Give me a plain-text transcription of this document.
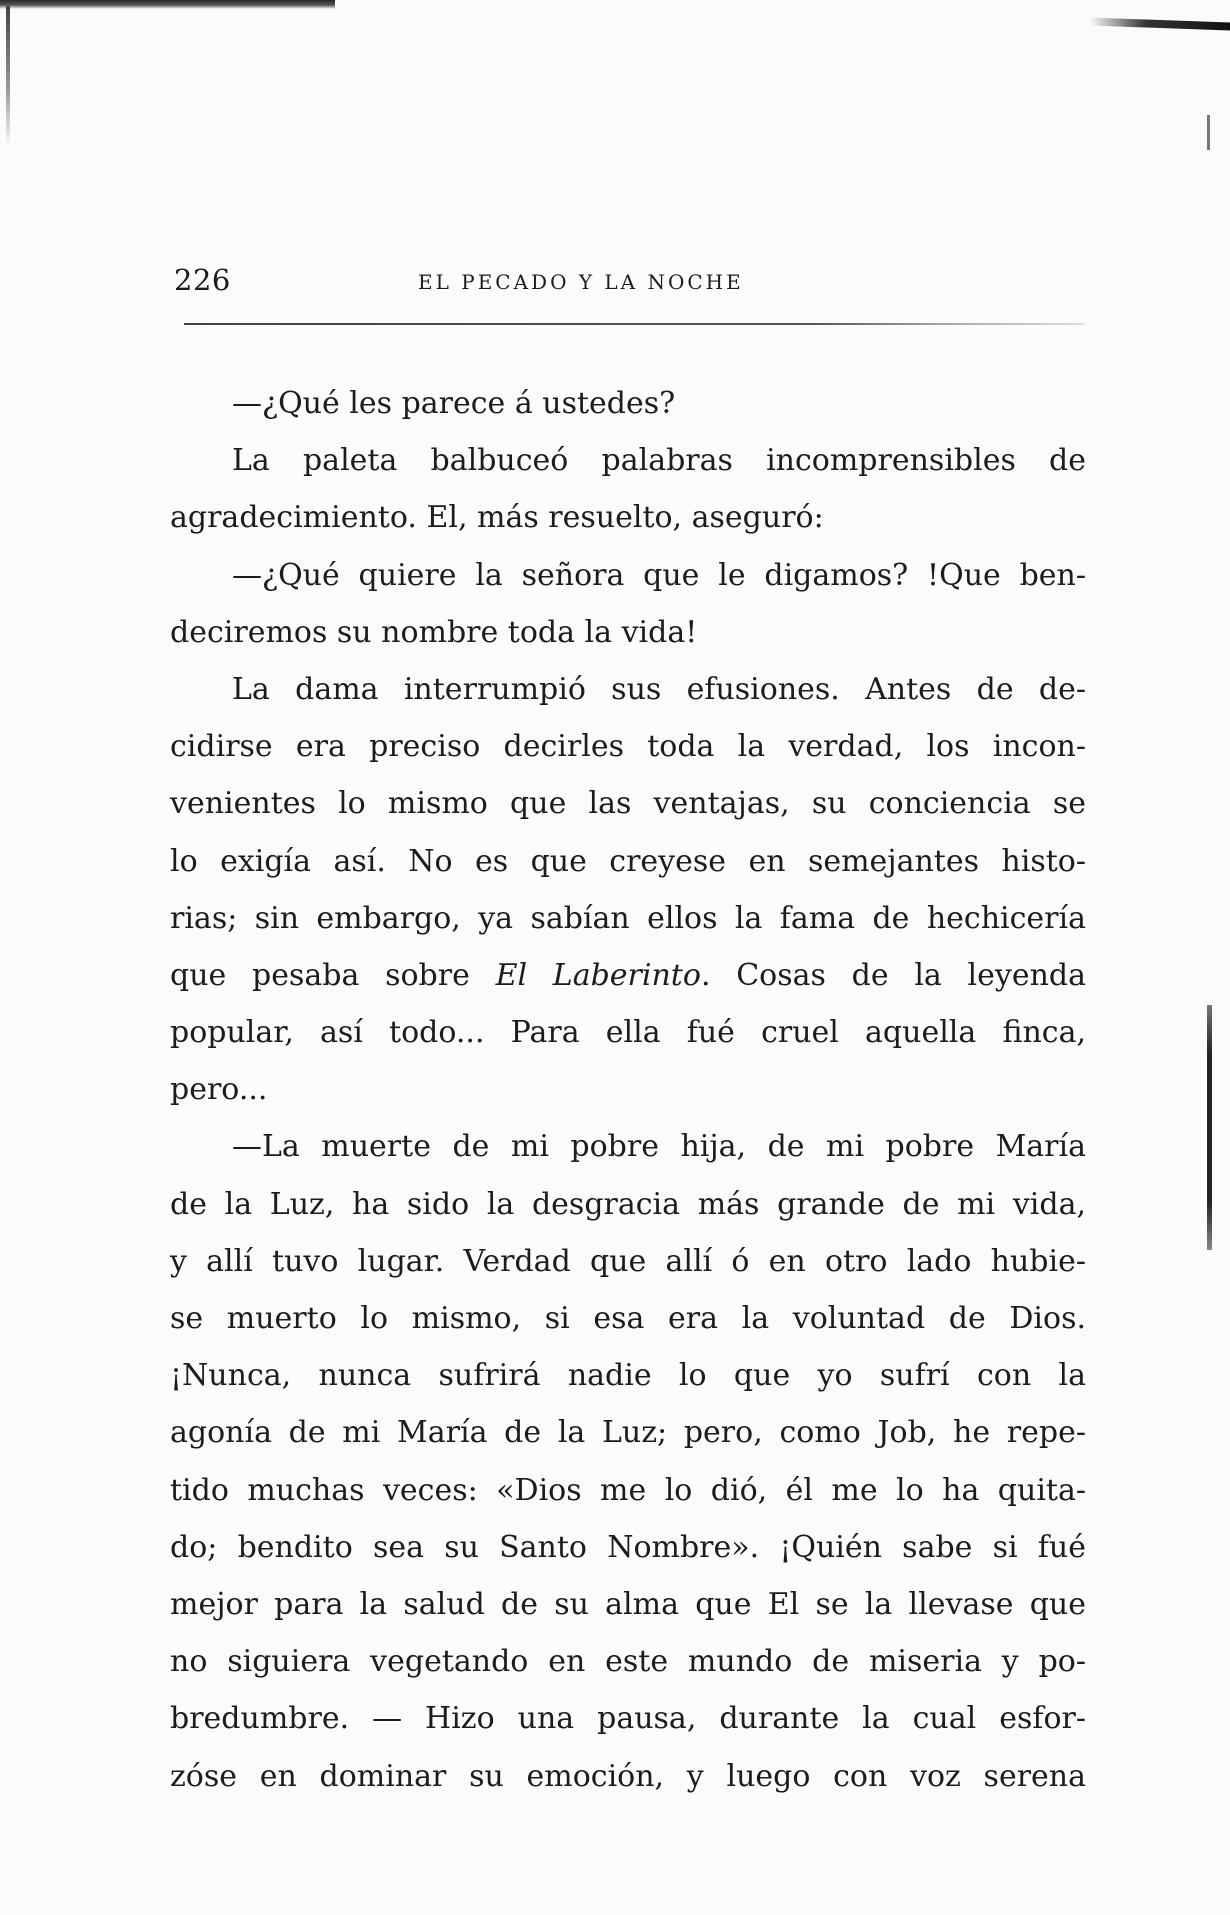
226	EL PECADO Y LA NOCHE
—¿Qué les parece á ustedes?
La paleta balbuceó palabras incomprensibles de
agradecimiento. El, más resuelto, aseguró:
—¿Qué quiere la señora que le digamos? !Que ben-
deciremos su nombre toda la vida!
La dama interrumpió sus efusiones. Antes de de-
cidirse era preciso decirles toda la verdad, los incon-
venientes lo mismo que las ventajas, su conciencia se
lo exigía así. No es que creyese en semejantes histo-
rias; sin embargo, ya sabían ellos la fama de hechicería
que pesaba sobre El Laberinto. Cosas de la leyenda
popular, así todo... Para ella fué cruel aquella finca,
pero...
—La muerte de mi pobre hija, de mi pobre María
de la Luz, ha sido la desgracia más grande de mi vida,
y allí tuvo lugar. Verdad que allí ó en otro lado hubie-
se muerto lo mismo, si esa era la voluntad de Dios.
¡Nunca, nunca sufrirá nadie lo que yo sufrí con la
agonía de mi María de la Luz; pero, como Job, he repe-
tido muchas veces: «Dios me lo dió, él me lo ha quita-
do; bendito sea su Santo Nombre». ¡Quién sabe si fué
mejor para la salud de su alma que El se la llevase que
no siguiera vegetando en este mundo de miseria y po-
bredumbre. — Hizo una pausa, durante la cual esfor-
zóse en dominar su emoción, y luego con voz serena
